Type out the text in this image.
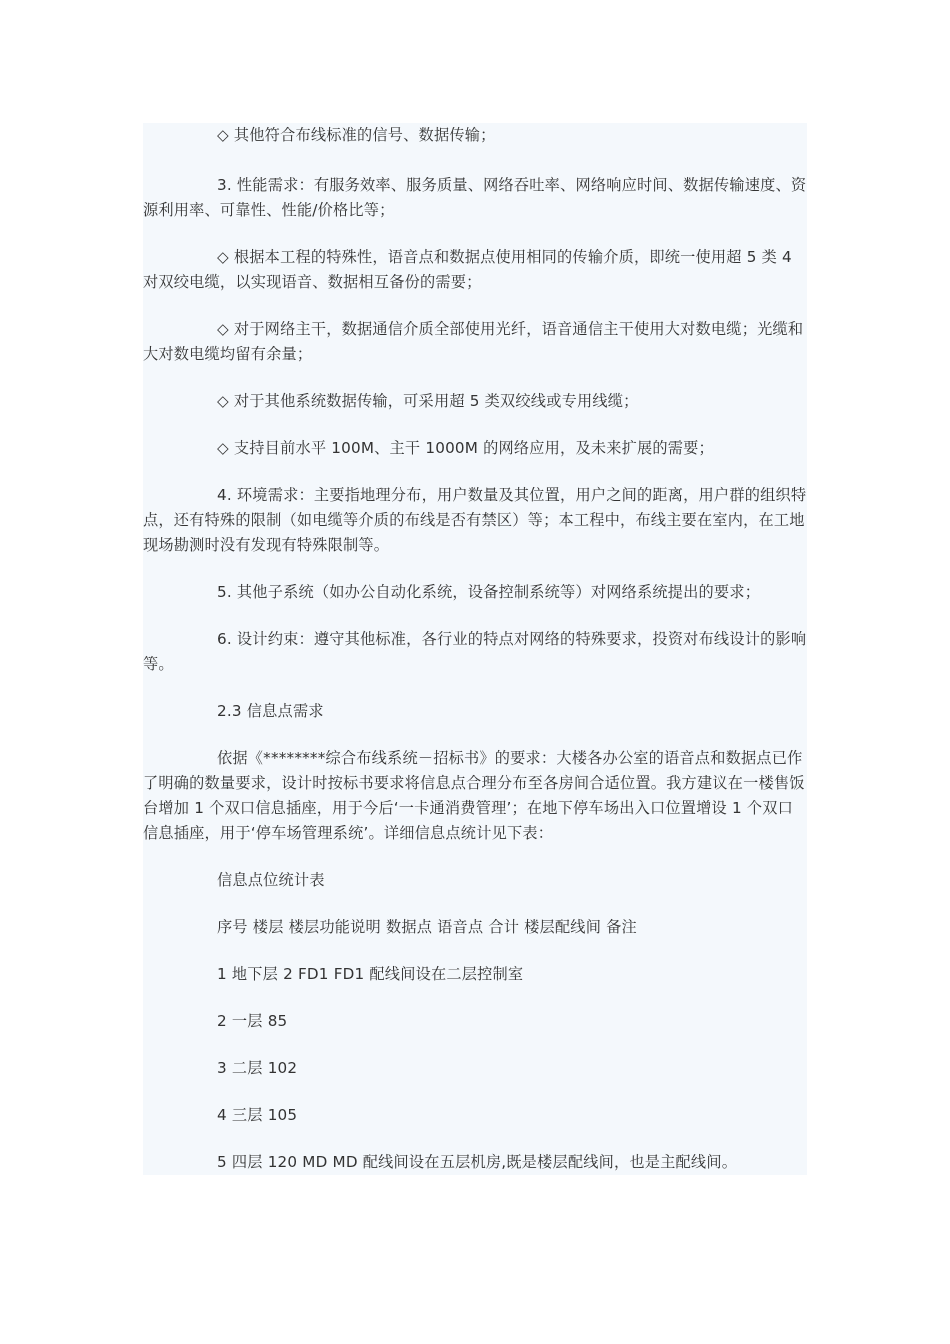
◇ 其他符合布线标准的信号、数据传输；

3. 性能需求：有服务效率、服务质量、网络吞吐率、网络响应时间、数据传输速度、资源利用率、可靠性、性能/价格比等；

◇ 根据本工程的特殊性，语音点和数据点使用相同的传输介质，即统一使用超 5 类 4 对双绞电缆，以实现语音、数据相互备份的需要；

◇ 对于网络主干，数据通信介质全部使用光纤，语音通信主干使用大对数电缆；光缆和大对数电缆均留有余量；

◇ 对于其他系统数据传输，可采用超 5 类双绞线或专用线缆；

◇ 支持目前水平 100M、主干 1000M 的网络应用，及未来扩展的需要；

4. 环境需求：主要指地理分布，用户数量及其位置，用户之间的距离，用户群的组织特点，还有特殊的限制（如电缆等介质的布线是否有禁区）等；本工程中，布线主要在室内，在工地现场勘测时没有发现有特殊限制等。

5. 其他子系统（如办公自动化系统，设备控制系统等）对网络系统提出的要求；

6. 设计约束：遵守其他标准，各行业的特点对网络的特殊要求，投资对布线设计的影响等。

2.3 信息点需求

依据《********综合布线系统－招标书》的要求：大楼各办公室的语音点和数据点已作了明确的数量要求，设计时按标书要求将信息点合理分布至各房间合适位置。我方建议在一楼售饭台增加 1 个双口信息插座，用于今后‘一卡通消费管理’；在地下停车场出入口位置增设 1 个双口信息插座，用于‘停车场管理系统’。详细信息点统计见下表：

信息点位统计表

序号 楼层 楼层功能说明 数据点 语音点 合计 楼层配线间 备注

1 地下层 2 FD1 FD1 配线间设在二层控制室

2 一层 85

3 二层 102

4 三层 105

5 四层 120 MD MD 配线间设在五层机房,既是楼层配线间，也是主配线间。
